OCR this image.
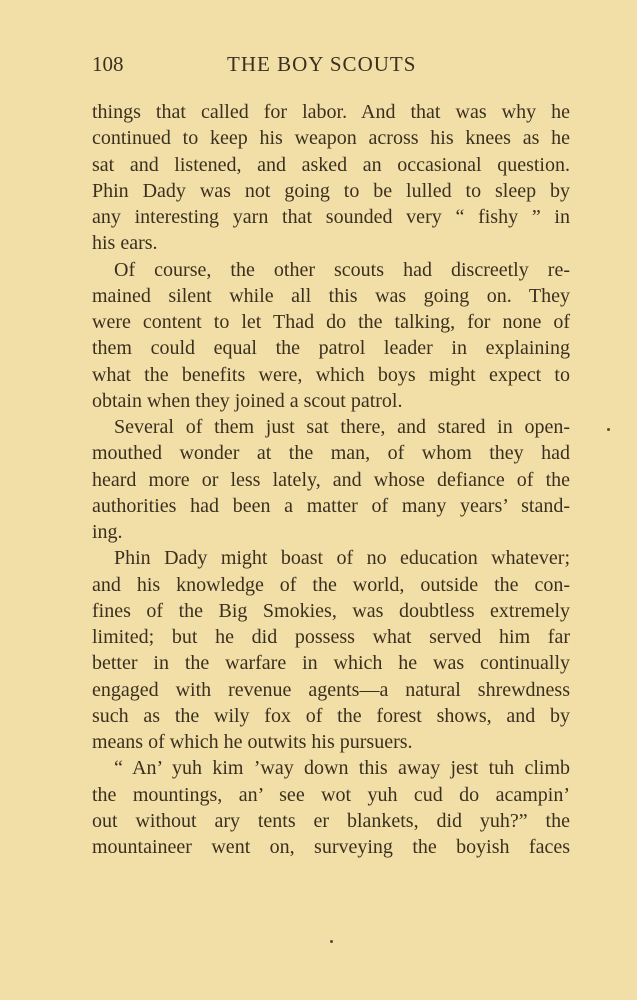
108	THE BOY SCOUTS
things that called for labor. And that was why he
continued to keep his weapon across his knees as he
sat and listened, and asked an occasional question.
Phin Dady was not going to be lulled to sleep by
any interesting yarn that sounded very “ fishy ” in
his ears.
Of course, the other scouts had discreetly re-
mained silent while all this was going on. They
were content to let Thad do the talking, for none of
them could equal the patrol leader in explaining
what the benefits were, which boys might expect to
obtain when they joined a scout patrol.
Several of them just sat there, and stared in open-
mouthed wonder at the man, of whom they had
heard more or less lately, and whose defiance of the
authorities had been a matter of many years’ stand-
ing.
Phin Dady might boast of no education whatever;
and his knowledge of the world, outside the con-
fines of the Big Smokies, was doubtless extremely
limited; but he did possess what served him far
better in the warfare in which he was continually
engaged with revenue agents—a natural shrewdness
such as the wily fox of the forest shows, and by
means of which he outwits his pursuers.
“ An’ yuh kim ’way down this away jest tuh climb
the mountings, an’ see wot yuh cud do acampin’
out without ary tents er blankets, did yuh?” the
mountaineer went on, surveying the boyish faces
